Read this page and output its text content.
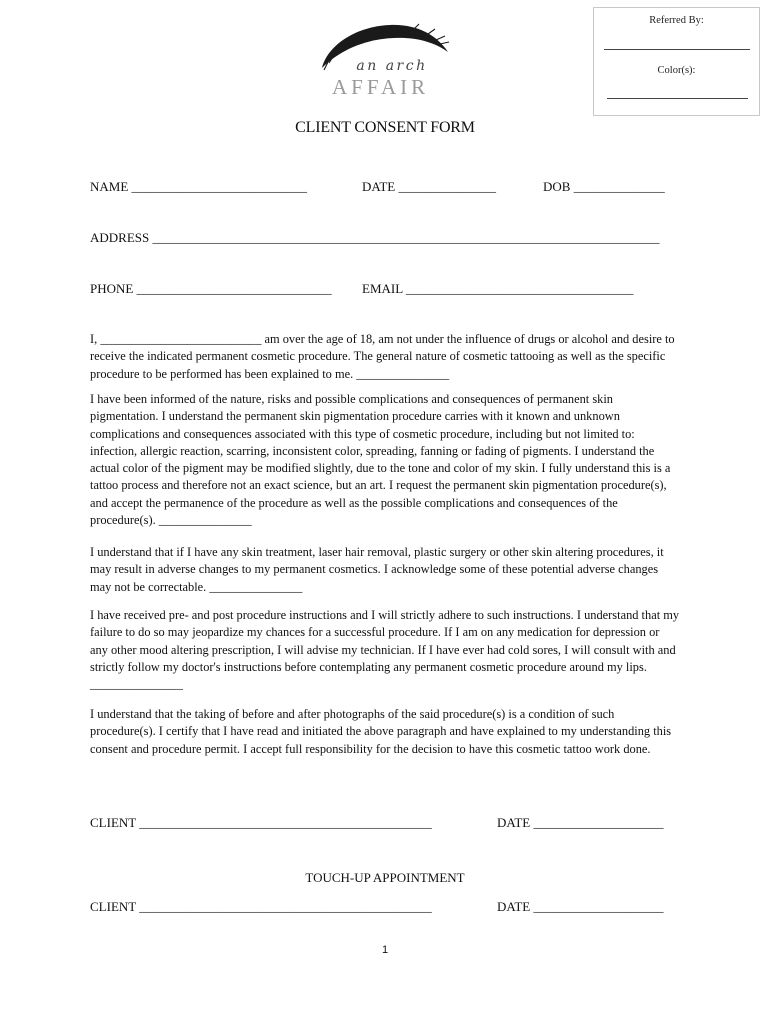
Referred By:
Color(s):
an arch
AFFAIR
CLIENT CONSENT FORM
NAME ___________________________	DATE _______________	DOB ______________
ADDRESS ______________________________________________________________________________
PHONE ______________________________ EMAIL ___________________________________

I, __________________________ am over the age of 18, am not under the influence of drugs or alcohol and desire to receive the indicated permanent cosmetic procedure. The general nature of cosmetic tattooing as well as the specific procedure to be performed has been explained to me. _______________

I have been informed of the nature, risks and possible complications and consequences of permanent skin pigmentation. I understand the permanent skin pigmentation procedure carries with it known and unknown complications and consequences associated with this type of cosmetic procedure, including but not limited to: infection, allergic reaction, scarring, inconsistent color, spreading, fanning or fading of pigments. I understand the actual color of the pigment may be modified slightly, due to the tone and color of my skin. I fully understand this is a tattoo process and therefore not an exact science, but an art. I request the permanent skin pigmentation procedure(s), and accept the permanence of the procedure as well as the possible complications and consequences of the procedure(s). _______________

I understand that if I have any skin treatment, laser hair removal, plastic surgery or other skin altering procedures, it may result in adverse changes to my permanent cosmetics. I acknowledge some of these potential adverse changes may not be correctable. _______________

I have received pre- and post procedure instructions and I will strictly adhere to such instructions. I understand that my failure to do so may jeopardize my chances for a successful procedure. If I am on any medication for depression or any other mood altering prescription, I will advise my technician. If I have ever had cold sores, I will consult with and strictly follow my doctor's instructions before contemplating any permanent cosmetic procedure around my lips. _______________

I understand that the taking of before and after photographs of the said procedure(s) is a condition of such procedure(s). I certify that I have read and initiated the above paragraph and have explained to my understanding this consent and procedure permit. I accept full responsibility for the decision to have this cosmetic tattoo work done.

CLIENT _____________________________________________	DATE ____________________
TOUCH-UP APPOINTMENT
CLIENT _____________________________________________	DATE ____________________
1
